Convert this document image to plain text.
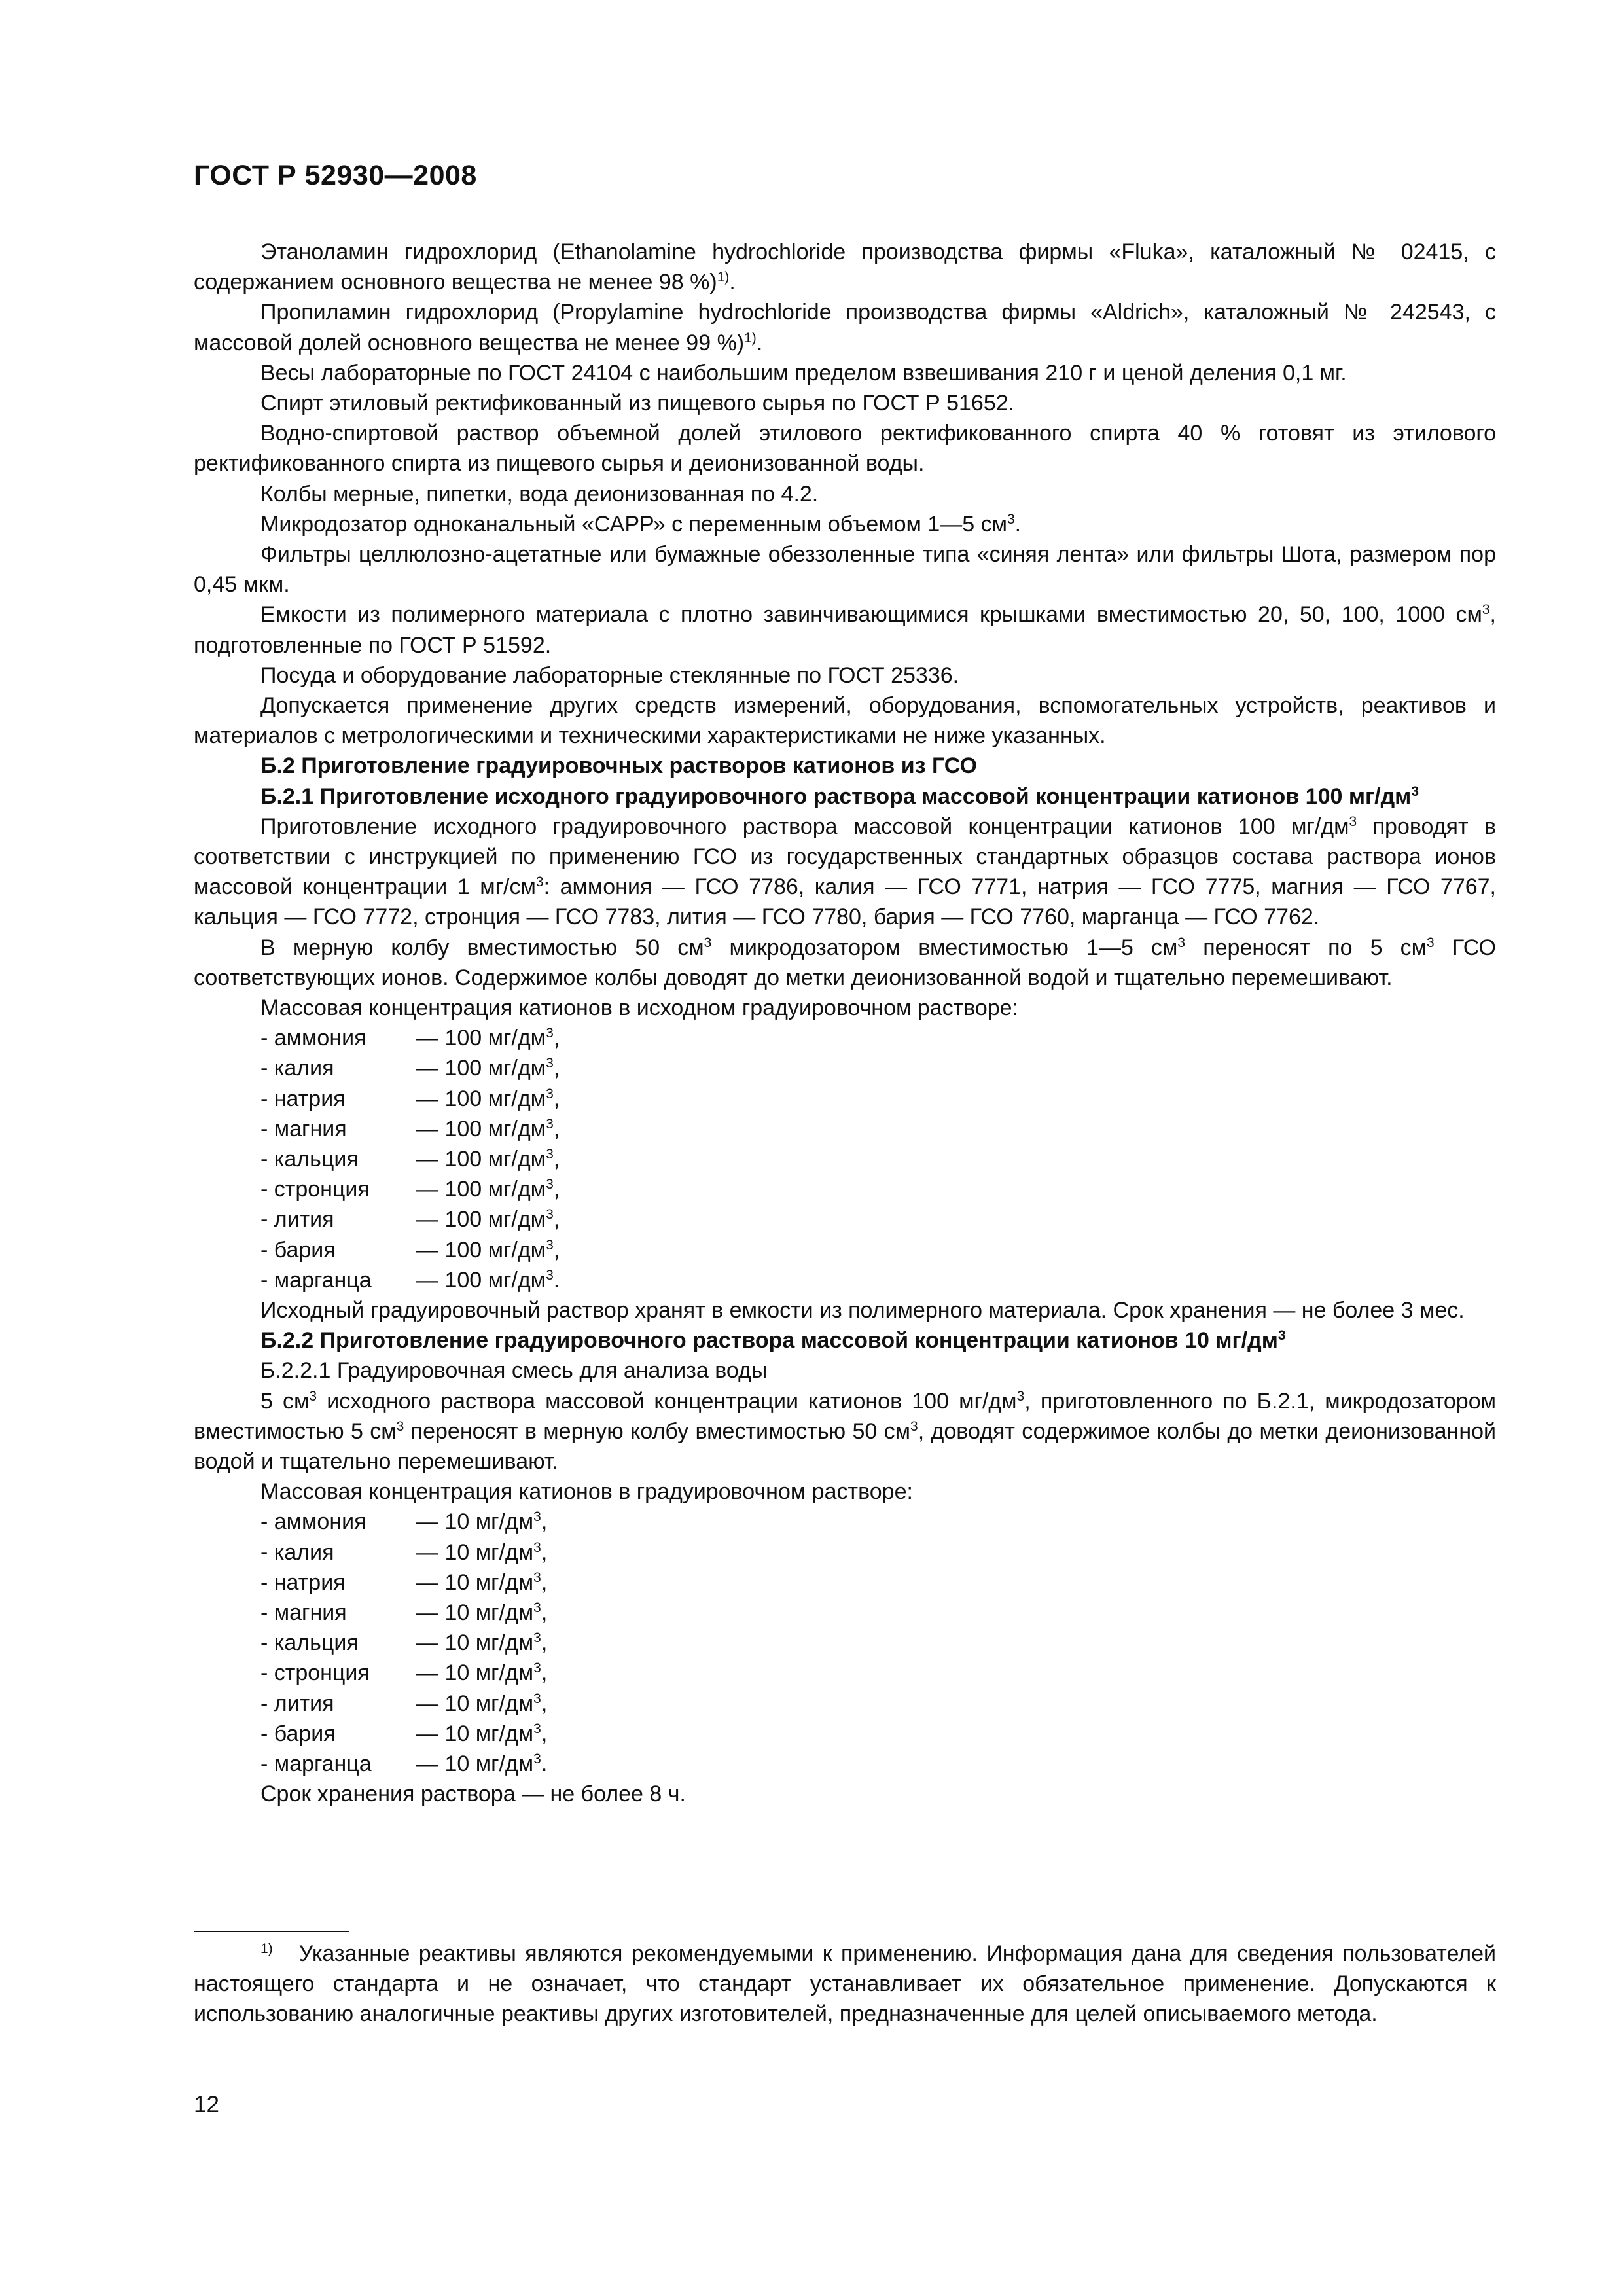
ГОСТ Р 52930—2008

Этаноламин гидрохлорид (Ethanolamine hydrochloride производства фирмы «Fluka», каталожный № 02415, с содержанием основного вещества не менее 98 %)$^{1)}$.

Пропиламин гидрохлорид (Propylamine hydrochloride производства фирмы «Aldrich», каталожный № 242543, с массовой долей основного вещества не менее 99 %)$^{1)}$.

Весы лабораторные по ГОСТ 24104 с наибольшим пределом взвешивания 210 г и ценой деления 0,1 мг.

Спирт этиловый ректификованный из пищевого сырья по ГОСТ Р 51652.

Водно-спиртовой раствор объемной долей этилового ректификованного спирта 40 % готовят из этилового ректификованного спирта из пищевого сырья и деионизованной воды.

Колбы мерные, пипетки, вода деионизованная по 4.2.

Микродозатор одноканальный «САРР» с переменным объемом 1—5 $см^3$.

Фильтры целлюлозно-ацетатные или бумажные обеззоленные типа «синяя лента» или фильтры Шота, размером пор 0,45 мкм.

Емкости из полимерного материала с плотно завинчивающимися крышками вместимостью 20, 50, 100, 1000 $см^3$, подготовленные по ГОСТ Р 51592.

Посуда и оборудование лабораторные стеклянные по ГОСТ 25336.

Допускается применение других средств измерений, оборудования, вспомогательных устройств, реактивов и материалов с метрологическими и техническими характеристиками не ниже указанных.

Б.2 Приготовление градуировочных растворов катионов из ГСО

Б.2.1 Приготовление исходного градуировочного раствора массовой концентрации катионов 100 $мг/дм^3$

Приготовление исходного градуировочного раствора массовой концентрации катионов 100 $мг/дм^3$ проводят в соответствии с инструкцией по применению ГСО из государственных стандартных образцов состава раствора ионов массовой концентрации 1 $мг/см^3$: аммония — ГСО 7786, калия — ГСО 7771, натрия — ГСО 7775, магния — ГСО 7767, кальция — ГСО 7772, стронция — ГСО 7783, лития — ГСО 7780, бария — ГСО 7760, марганца — ГСО 7762.

В мерную колбу вместимостью 50 $см^3$ микродозатором вместимостью 1—5 $см^3$ переносят по 5 $см^3$ ГСО соответствующих ионов. Содержимое колбы доводят до метки деионизованной водой и тщательно перемешивают.

Массовая концентрация катионов в исходном градуировочном растворе:

- аммония	— 100 $мг/дм^3$,
- калия	— 100 $мг/дм^3$,
- натрия	— 100 $мг/дм^3$,
- магния	— 100 $мг/дм^3$,
- кальция	— 100 $мг/дм^3$,
- стронция	— 100 $мг/дм^3$,
- лития	— 100 $мг/дм^3$,
- бария	— 100 $мг/дм^3$,
- марганца	— 100 $мг/дм^3$.

Исходный градуировочный раствор хранят в емкости из полимерного материала. Срок хранения — не более 3 мес.

Б.2.2 Приготовление градуировочного раствора массовой концентрации катионов 10 $мг/дм^3$

Б.2.2.1 Градуировочная смесь для анализа воды

5 $см^3$ исходного раствора массовой концентрации катионов 100 $мг/дм^3$, приготовленного по Б.2.1, микродозатором вместимостью 5 $см^3$ переносят в мерную колбу вместимостью 50 $см^3$, доводят содержимое колбы до метки деионизованной водой и тщательно перемешивают.

Массовая концентрация катионов в градуировочном растворе:

- аммония	— 10 $мг/дм^3$,
- калия	— 10 $мг/дм^3$,
- натрия	— 10 $мг/дм^3$,
- магния	— 10 $мг/дм^3$,
- кальция	— 10 $мг/дм^3$,
- стронция	— 10 $мг/дм^3$,
- лития	— 10 $мг/дм^3$,
- бария	— 10 $мг/дм^3$,
- марганца	— 10 $мг/дм^3$.

Срок хранения раствора — не более 8 ч.

$^{1)}$ Указанные реактивы являются рекомендуемыми к применению. Информация дана для сведения пользователей настоящего стандарта и не означает, что стандарт устанавливает их обязательное применение. Допускаются к использованию аналогичные реактивы других изготовителей, предназначенные для целей описываемого метода.

12
